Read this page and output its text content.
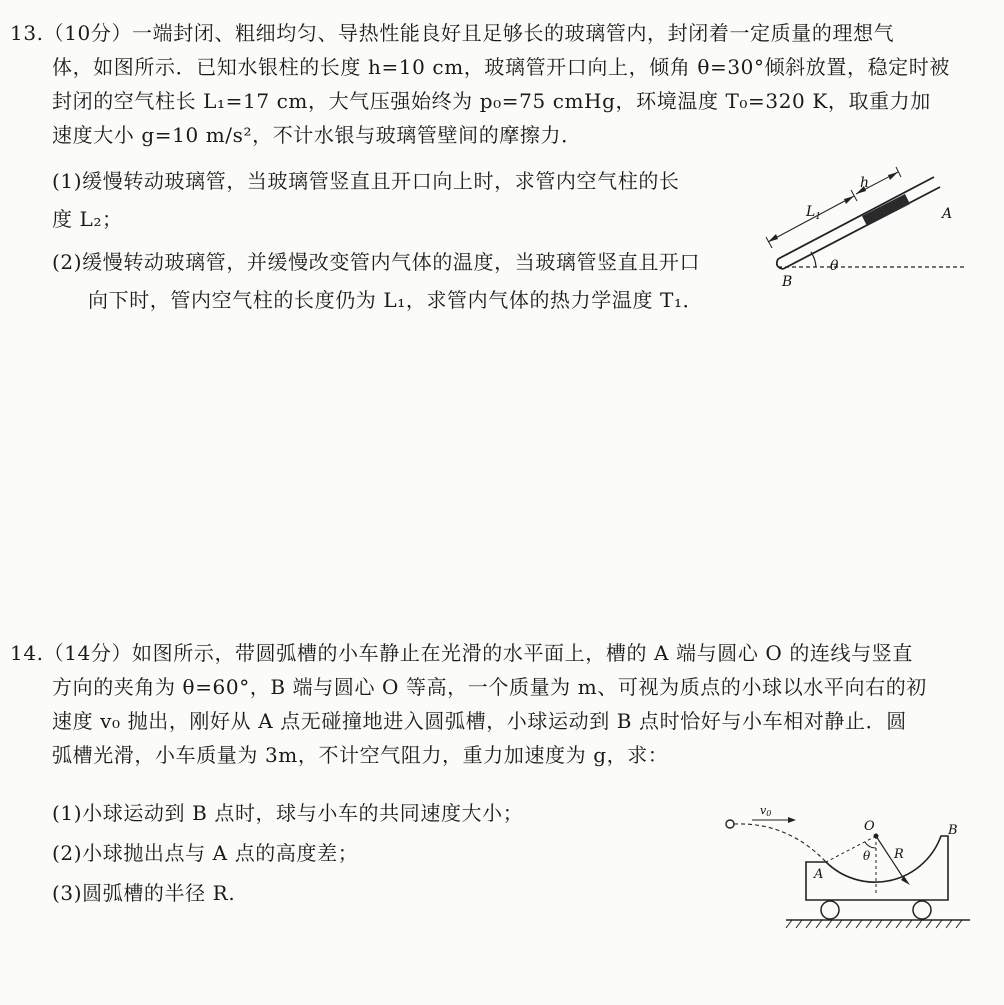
13.（10分）一端封闭、粗细均匀、导热性能良好且足够长的玻璃管内，封闭着一定质量的理想气
体，如图所示．已知水银柱的长度 h=10 cm，玻璃管开口向上，倾角 θ=30°倾斜放置，稳定时被
封闭的空气柱长 L₁=17 cm，大气压强始终为 p₀=75 cmHg，环境温度 T₀=320 K，取重力加
速度大小 g=10 m/s²，不计水银与玻璃管壁间的摩擦力．
(1)缓慢转动玻璃管，当玻璃管竖直且开口向上时，求管内空气柱的长
度 L₂；
(2)缓慢转动玻璃管，并缓慢改变管内气体的温度，当玻璃管竖直且开口
向下时，管内空气柱的长度仍为 L₁，求管内气体的热力学温度 T₁．
$L_1$
h
A
B
θ
14.（14分）如图所示，带圆弧槽的小车静止在光滑的水平面上，槽的 A 端与圆心 O 的连线与竖直
方向的夹角为 θ=60°，B 端与圆心 O 等高，一个质量为 m、可视为质点的小球以水平向右的初
速度 v₀ 抛出，刚好从 A 点无碰撞地进入圆弧槽，小球运动到 B 点时恰好与小车相对静止．圆
弧槽光滑，小车质量为 3m，不计空气阻力，重力加速度为 g，求：
(1)小球运动到 B 点时，球与小车的共同速度大小；
(2)小球抛出点与 A 点的高度差；
(3)圆弧槽的半径 R.
v0
O	B
A
θ R
